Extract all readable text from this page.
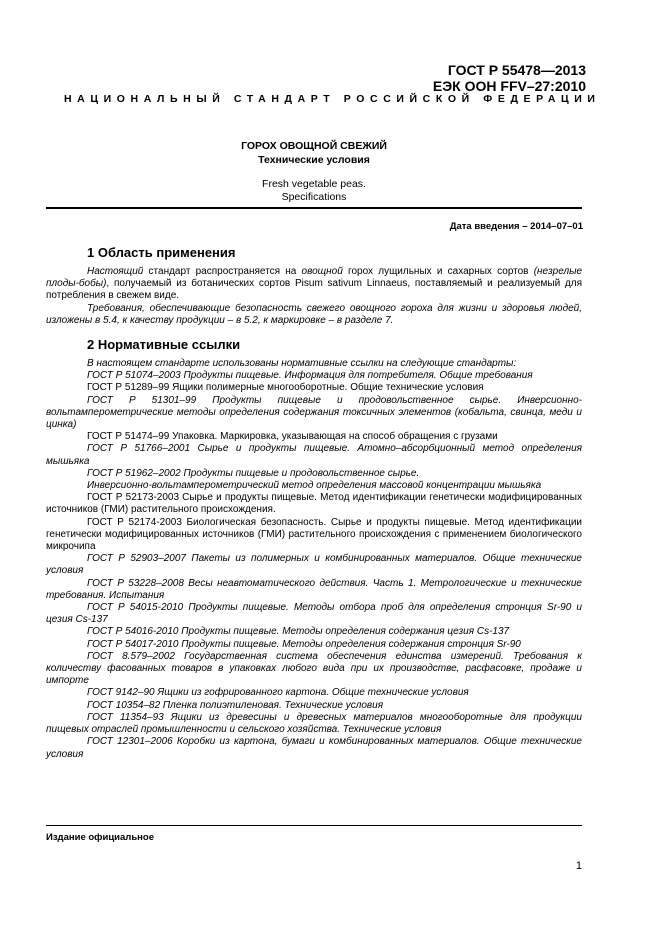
ГОСТ Р 55478—2013
ЕЭК ООН FFV–27:2010
НАЦИОНАЛЬНЫЙ СТАНДАРТ РОССИЙСКОЙ ФЕДЕРАЦИИ
ГОРОХ ОВОЩНОЙ СВЕЖИЙ
Технические условия
Fresh vegetable peas.
Specifications
Дата введения – 2014–07–01
1 Область применения

Настоящий стандарт распространяется на овощной горох лущильных и сахарных сортов (незрелые плоды-бобы), получаемый из ботанических сортов Pisum sativum Linnaeus, поставляемый и реализуемый для потребления в свежем виде.

Требования, обеспечивающие безопасность свежего овощного гороха для жизни и здоровья людей, изложены в 5.4, к качеству продукции – в 5.2, к маркировке – в разделе 7.

2 Нормативные ссылки

В настоящем стандарте использованы нормативные ссылки на следующие стандарты:

ГОСТ Р 51074–2003 Продукты пищевые. Информация для потребителя. Общие требования

ГОСТ Р 51289–99 Ящики полимерные многооборотные. Общие технические условия

ГОСТ Р 51301–99 Продукты пищевые и продовольственное сырье. Инверсионно-вольтамперометрические методы определения содержания токсичных элементов (кобальта, свинца, меди и цинка)

ГОСТ Р 51474–99 Упаковка. Маркировка, указывающая на способ обращения с грузами

ГОСТ Р 51766–2001 Сырье и продукты пищевые. Атомно–абсорбционный метод определения мышьяка

ГОСТ Р 51962–2002 Продукты пищевые и продовольственное сырье.

Инверсионно-вольтамперометрический метод определения массовой концентрации мышьяка

ГОСТ Р 52173-2003 Сырье и продукты пищевые. Метод идентификации генетически модифицированных источников (ГМИ) растительного происхождения.

ГОСТ Р 52174-2003 Биологическая безопасность. Сырье и продукты пищевые. Метод идентификации генетически модифицированных источников (ГМИ) растительного происхождения с применением биологического микрочипа

ГОСТ Р 52903–2007 Пакеты из полимерных и комбинированных материалов. Общие технические условия

ГОСТ Р 53228–2008 Весы неавтоматического действия. Часть 1. Метрологические и технические требования. Испытания

ГОСТ Р 54015-2010 Продукты пищевые. Методы отбора проб для определения стронция Sr-90 и цезия Cs-137

ГОСТ Р 54016-2010 Продукты пищевые. Методы определения содержания цезия Cs-137

ГОСТ Р 54017-2010 Продукты пищевые. Методы определения содержания стронция Sr-90

ГОСТ 8.579–2002 Государственная система обеспечения единства измерений. Требования к количеству фасованных товаров в упаковках любого вида при их производстве, расфасовке, продаже и импорте

ГОСТ 9142–90 Ящики из гофрированного картона. Общие технические условия

ГОСТ 10354–82 Пленка полиэтиленовая. Технические условия

ГОСТ 11354–93 Ящики из древесины и древесных материалов многооборотные для продукции пищевых отраслей промышленности и сельского хозяйства. Технические условия

ГОСТ 12301–2006 Коробки из картона, бумаги и комбинированных материалов. Общие технические условия

Издание официальное
1
